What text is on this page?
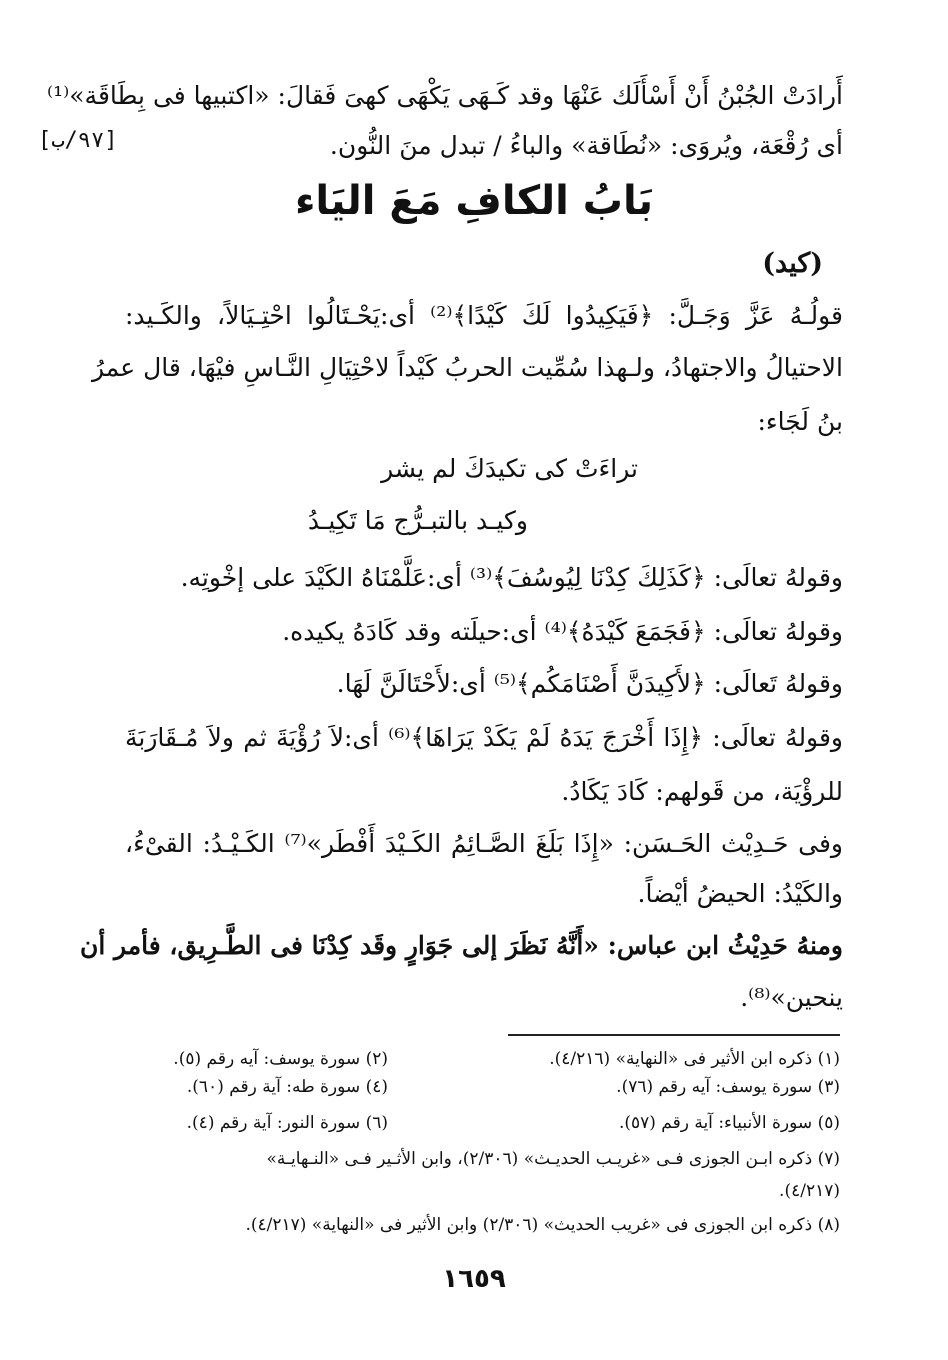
أَرادَتْ الجُبْنُ أَنْ أَسْأَلَك عَنْهَا وقد كَـهَى يَكْهَى كهىَ فَقالَ: «اكتبيها فى بِطَاقَة»⁽¹⁾
[٩٧/ب]	أى رُقْعَة، ويُروَى: «نُطَاقة» والباءُ / تبدل منَ النُّون.
بَابُ الكافِ مَعَ اليَاء
(كيد)
قولُـهُ عَزَّ وَجَـلَّ: ﴿فَيَكِيدُوا لَكَ كَيْدًا﴾⁽²⁾ أى:يَحْـتَالُوا احْتِـيَالاً، والكَـيد:
الاحتيالُ والاجتهادُ، ولـهذا سُمِّيت الحربُ كَيْداً لاحْتِيَالِ النَّـاسِ فيْهَا، قال عمرُ
بنُ لَجَاء:
تراءَتْ كى تكيدَكَ لم يشر
وكيـد بالتبـرُّج مَا تَكِيـدُ
وقولهُ تعالَى: ﴿كَذَلِكَ كِدْنَا لِيُوسُفَ﴾⁽³⁾ أى:عَلَّمْنَاهُ الكَيْدَ على إخْوتِه.
وقولهُ تعالَى: ﴿فَجَمَعَ كَيْدَهُ﴾⁽⁴⁾ أى:حيلَته وقد كَادَهُ يكيده.
وقولهُ تَعالَى: ﴿لأَكِيدَنَّ أَصْنَامَكُم﴾⁽⁵⁾ أى:لأَحْتَالَنَّ لَهَا.
وقولهُ تعالَى: ﴿إِذَا أَخْرَجَ يَدَهُ لَمْ يَكَدْ يَرَاهَا﴾⁽⁶⁾ أى:لاَ رُؤْيَةَ ثم ولاَ مُـقَارَبَةَ
للرؤْيَة، من قَولهم: كَادَ يَكَادُ.
وفى حَـدِيْث الحَـسَن: «إِذَا بَلَغَ الصَّـائِمُ الكَـيْدَ أَفْطَر»⁽⁷⁾ الكَـيْـدُ: القىْءُ،
والكَيْدُ: الحيضُ أيْضاً.
ومنهُ حَدِيْثُ ابن عباس: «أَنَّهُ نَظَرَ إلى جَوَارٍ وقَد كِدْنَا فى الطَّـرِيق، فأمر أن
ينحين»⁽⁸⁾.
(١) ذكره ابن الأثير فى «النهاية» (٤/٢١٦).
(٢) سورة يوسف: آيه رقم (٥).
(٣) سورة يوسف: آيه رقم (٧٦).
(٤) سورة طه: آية رقم (٦٠).
(٥) سورة الأنبياء: آية رقم (٥٧).
(٦) سورة النور: آية رقم (٤).
(٧) ذكره ابـن الجوزى فـى «غريـب الحديـث» (٢/٣٠٦)، وابن الأثـير فـى «النـهايـة»
(٤/٢١٧).
(٨) ذكره ابن الجوزى فى «غريب الحديث» (٢/٣٠٦) وابن الأثير فى «النهاية» (٤/٢١٧).
١٦٥٩
